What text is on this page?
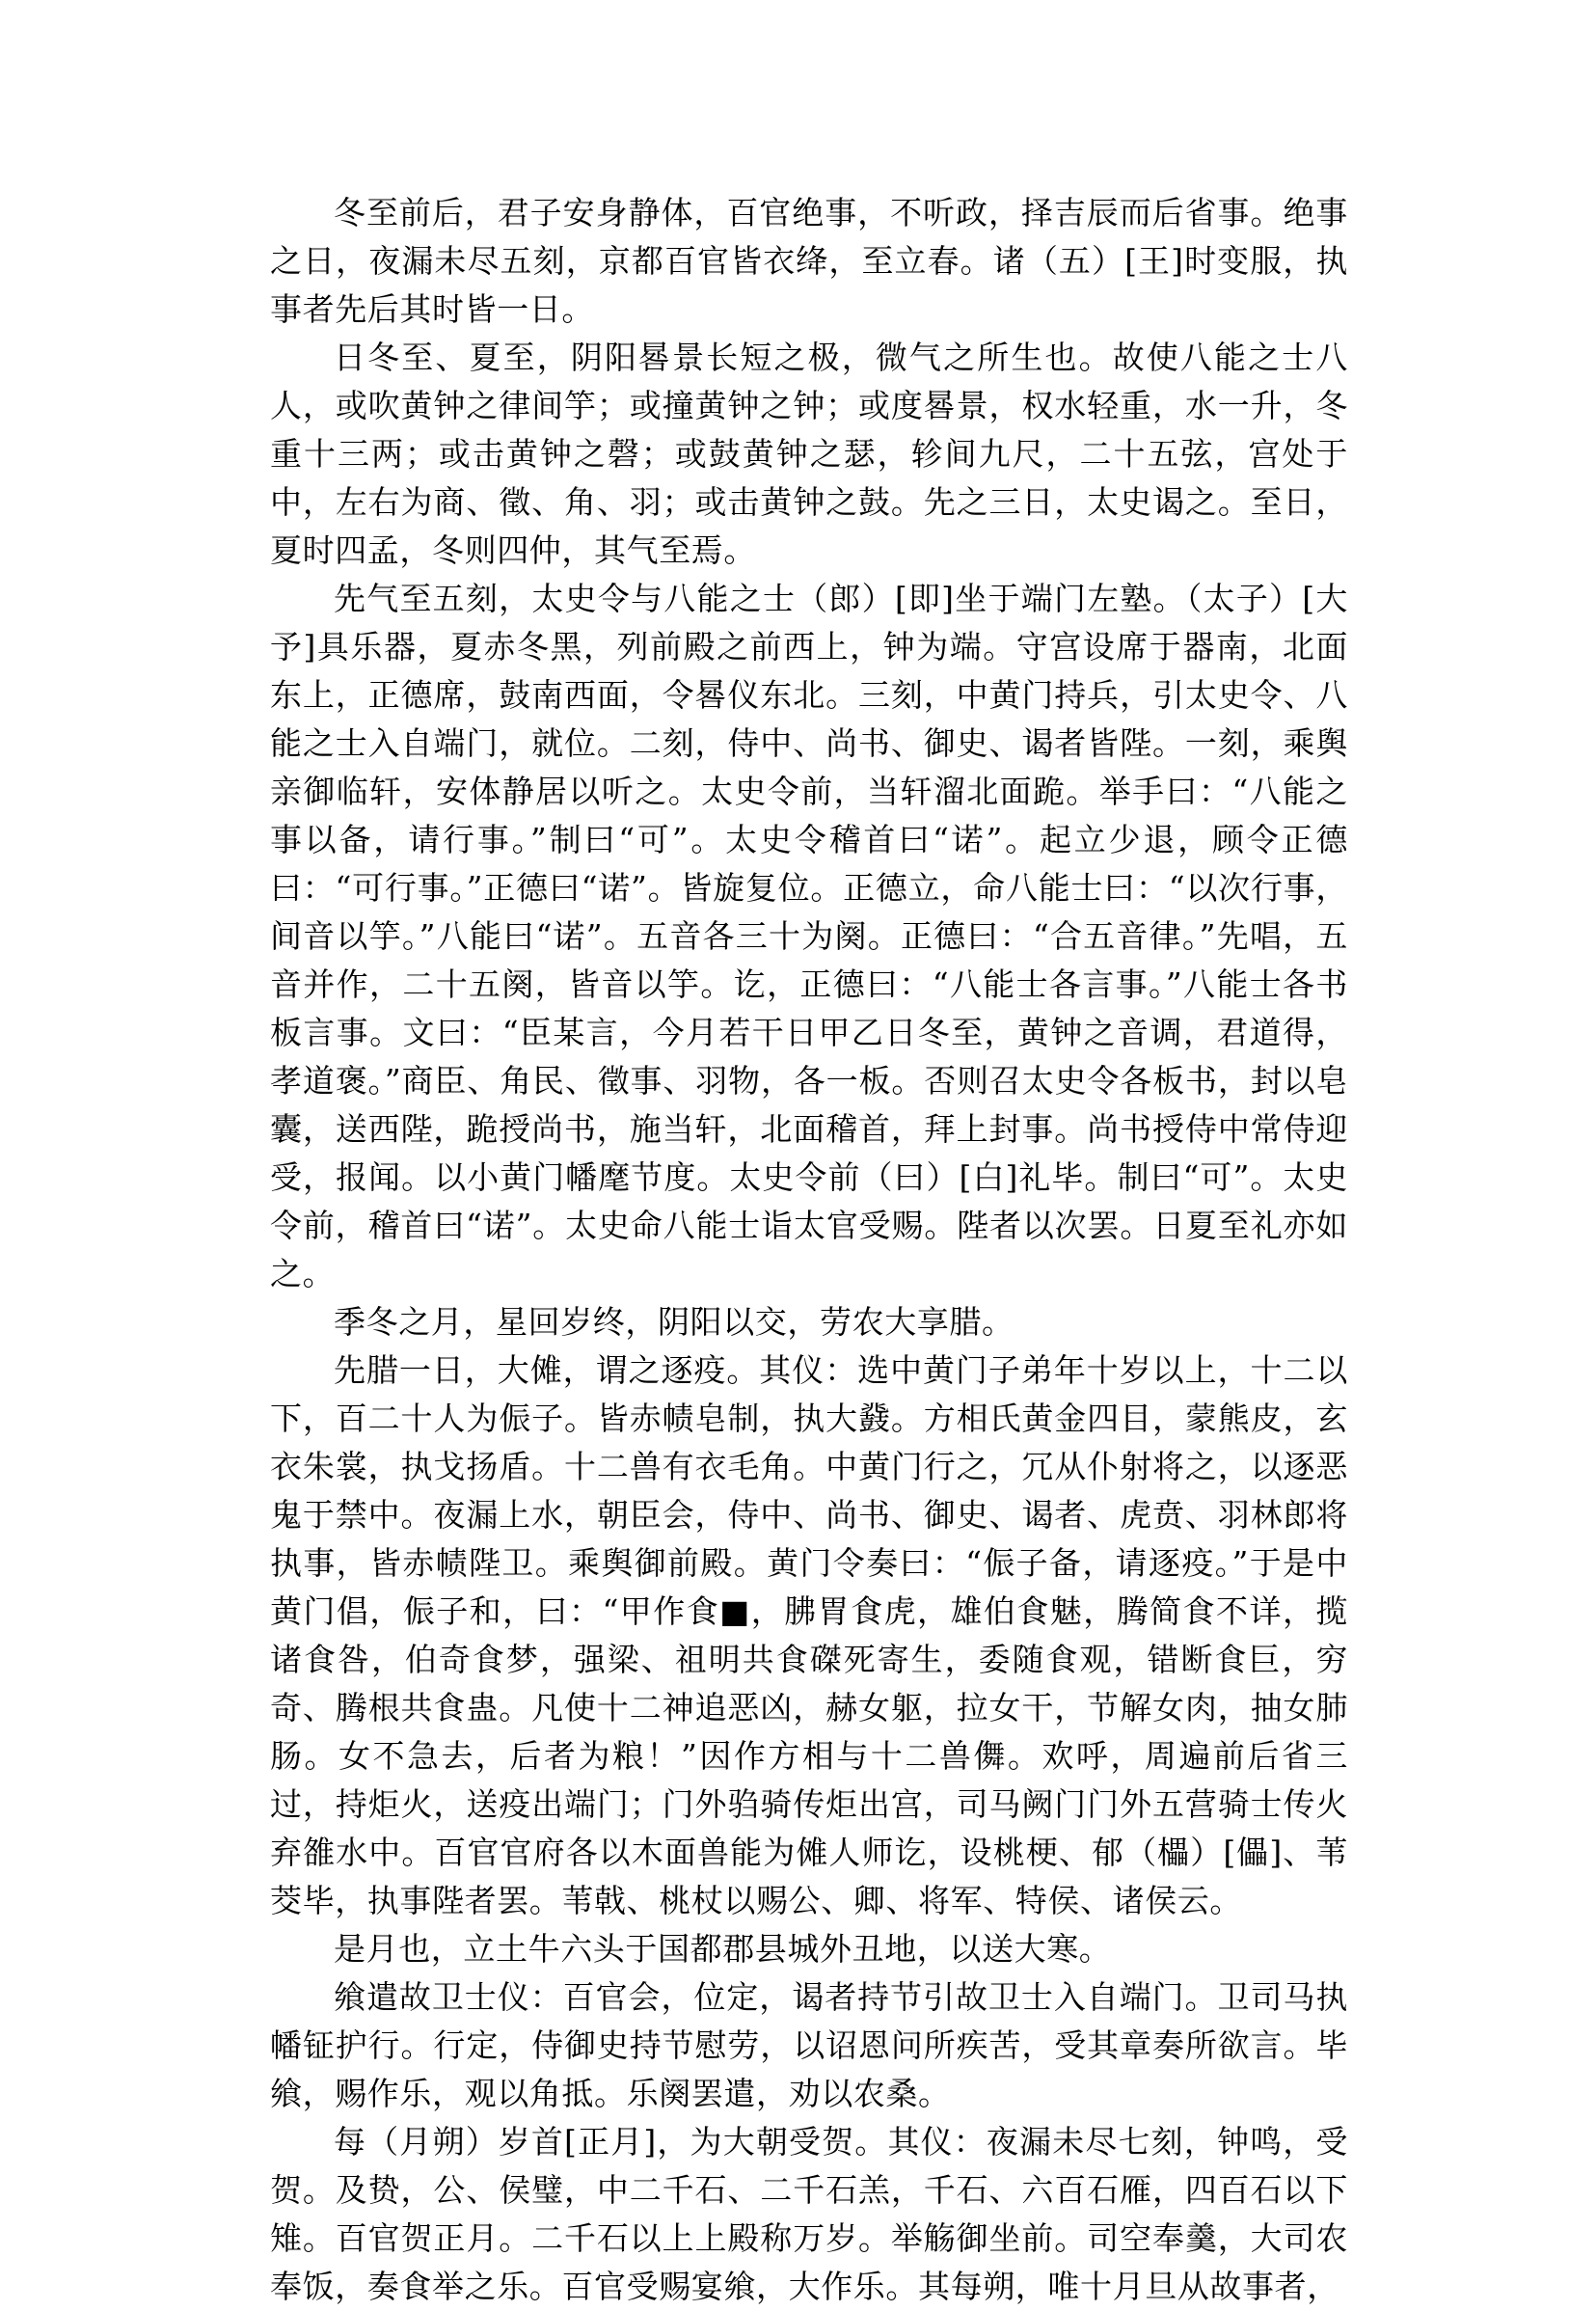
冬至前后，君子安身静体，百官绝事，不听政，择吉辰而后省事。绝事之日，夜漏未尽五刻，京都百官皆衣绛，至立春。诸（五）[王]时变服，执事者先后其时皆一日。

日冬至、夏至，阴阳晷景长短之极，微气之所生也。故使八能之士八人，或吹黄钟之律间竽；或撞黄钟之钟；或度晷景，权水轻重，水一升，冬重十三两；或击黄钟之磬；或鼓黄钟之瑟，轸间九尺，二十五弦，宫处于中，左右为商、徵、角、羽；或击黄钟之鼓。先之三日，太史谒之。至日，夏时四孟，冬则四仲，其气至焉。

先气至五刻，太史令与八能之士（郎）[即]坐于端门左塾。（太子）[大予]具乐器，夏赤冬黑，列前殿之前西上，钟为端。守宫设席于器南，北面东上，正德席，鼓南西面，令晷仪东北。三刻，中黄门持兵，引太史令、八能之士入自端门，就位。二刻，侍中、尚书、御史、谒者皆陛。一刻，乘舆亲御临轩，安体静居以听之。太史令前，当轩溜北面跪。举手曰：“八能之事以备，请行事。”制曰“可”。太史令稽首曰“诺”。起立少退，顾令正德曰：“可行事。”正德曰“诺”。皆旋复位。正德立，命八能士曰：“以次行事，间音以竽。”八能曰“诺”。五音各三十为阕。正德曰：“合五音律。”先唱，五音并作，二十五阕，皆音以竽。讫，正德曰：“八能士各言事。”八能士各书板言事。文曰：“臣某言，今月若干日甲乙日冬至，黄钟之音调，君道得，孝道褒。”商臣、角民、徵事、羽物，各一板。否则召太史令各板书，封以皂囊，送西陛，跪授尚书，施当轩，北面稽首，拜上封事。尚书授侍中常侍迎受，报闻。以小黄门幡麾节度。太史令前（曰）[白]礼毕。制曰“可”。太史令前，稽首曰“诺”。太史命八能士诣太官受赐。陛者以次罢。日夏至礼亦如之。

季冬之月，星回岁终，阴阳以交，劳农大享腊。

先腊一日，大傩，谓之逐疫。其仪：选中黄门子弟年十岁以上，十二以下，百二十人为侲子。皆赤帻皂制，执大鼗。方相氏黄金四目，蒙熊皮，玄衣朱裳，执戈扬盾。十二兽有衣毛角。中黄门行之，冗从仆射将之，以逐恶鬼于禁中。夜漏上水，朝臣会，侍中、尚书、御史、谒者、虎贲、羽林郎将执事，皆赤帻陛卫。乘舆御前殿。黄门令奏曰：“侲子备，请逐疫。”于是中黄门倡，侲子和，曰：“甲作食■，胇胃食虎，雄伯食魅，腾简食不详，揽诸食咎，伯奇食梦，强梁、祖明共食磔死寄生，委随食观，错断食巨，穷奇、腾根共食蛊。凡使十二神追恶凶，赫女躯，拉女干，节解女肉，抽女肺肠。女不急去，后者为粮！”因作方相与十二兽儛。欢呼，周遍前后省三过，持炬火，送疫出端门；门外驺骑传炬出宫，司马阙门门外五营骑士传火弃雒水中。百官官府各以木面兽能为傩人师讫，设桃梗、郁（櫑）[儡]、苇茭毕，执事陛者罢。苇戟、桃杖以赐公、卿、将军、特侯、诸侯云。

是月也，立土牛六头于国都郡县城外丑地，以送大寒。

飨遣故卫士仪：百官会，位定，谒者持节引故卫士入自端门。卫司马执幡钲护行。行定，侍御史持节慰劳，以诏恩问所疾苦，受其章奏所欲言。毕飨，赐作乐，观以角抵。乐阕罢遣，劝以农桑。

每（月朔）岁首[正月]，为大朝受贺。其仪：夜漏未尽七刻，钟鸣，受贺。及贽，公、侯璧，中二千石、二千石羔，千石、六百石雁，四百石以下雉。百官贺正月。二千石以上上殿称万岁。举觞御坐前。司空奉羹，大司农奉饭，奏食举之乐。百官受赐宴飨，大作乐。其每朔，唯十月旦从故事者，
